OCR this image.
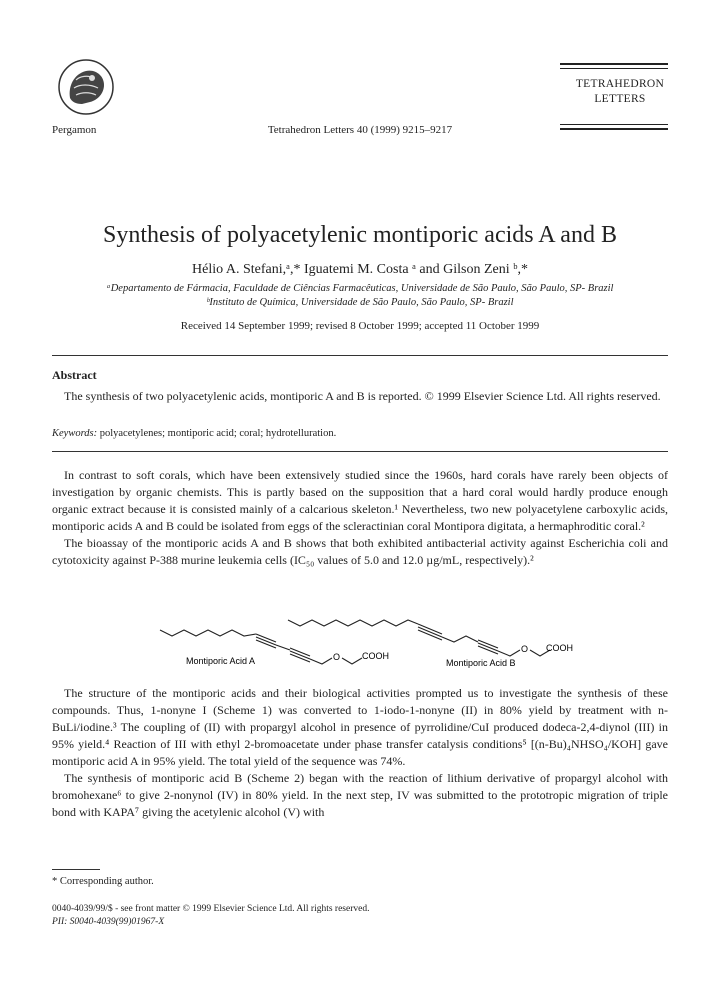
Pergamon	Tetrahedron Letters 40 (1999) 9215–9217
TETRAHEDRON
LETTERS
Synthesis of polyacetylenic montiporic acids A and B
Hélio A. Stefani,ᵃ,* Iguatemi M. Costa ᵃ and Gilson Zeni ᵇ,*
ᵃDepartamento de Fármacia, Faculdade de Ciências Farmacêuticas, Universidade de São Paulo, São Paulo, SP- Brazil
ᵇInstituto de Química, Universidade de São Paulo, São Paulo, SP- Brazil
Received 14 September 1999; revised 8 October 1999; accepted 11 October 1999
Abstract

The synthesis of two polyacetylenic acids, montiporic A and B is reported. © 1999 Elsevier Science Ltd. All rights reserved.

Keywords: polyacetylenes; montiporic acid; coral; hydrotelluration.

In contrast to soft corals, which have been extensively studied since the 1960s, hard corals have rarely been objects of investigation by organic chemists. This is partly based on the supposition that a hard coral would hardly produce enough organic extract because it is consisted mainly of a calcarious skeleton.¹ Nevertheless, two new polyacetylene carboxylic acids, montiporic acids A and B could be isolated from eggs of the scleractinian coral Montipora digitata, a hermaphroditic coral.²

The bioassay of the montiporic acids A and B shows that both exhibited antibacterial activity against Escherichia coli and cytotoxicity against P-388 murine leukemia cells (IC₅₀ values of 5.0 and 12.0 µg/mL, respectively).²

Montiporic Acid A	O COOH
Montiporic Acid B
O COOH

The structure of the montiporic acids and their biological activities prompted us to investigate the synthesis of these compounds. Thus, 1-nonyne I (Scheme 1) was converted to 1-iodo-1-nonyne (II) in 80% yield by treatment with n-BuLi/iodine.³ The coupling of (II) with propargyl alcohol in presence of pyrrolidine/CuI produced dodeca-2,4-diynol (III) in 95% yield.⁴ Reaction of III with ethyl 2-bromoacetate under phase transfer catalysis conditions⁵ [(n-Bu)₄NHSO₄/KOH] gave montiporic acid A in 95% yield. The total yield of the sequence was 74%.

The synthesis of montiporic acid B (Scheme 2) began with the reaction of lithium derivative of propargyl alcohol with bromohexane⁶ to give 2-nonynol (IV) in 80% yield. In the next step, IV was submitted to the prototropic migration of triple bond with KAPA⁷ giving the acetylenic alcohol (V) with

* Corresponding author.
0040-4039/99/$ - see front matter © 1999 Elsevier Science Ltd. All rights reserved.
PII: S0040-4039(99)01967-X
